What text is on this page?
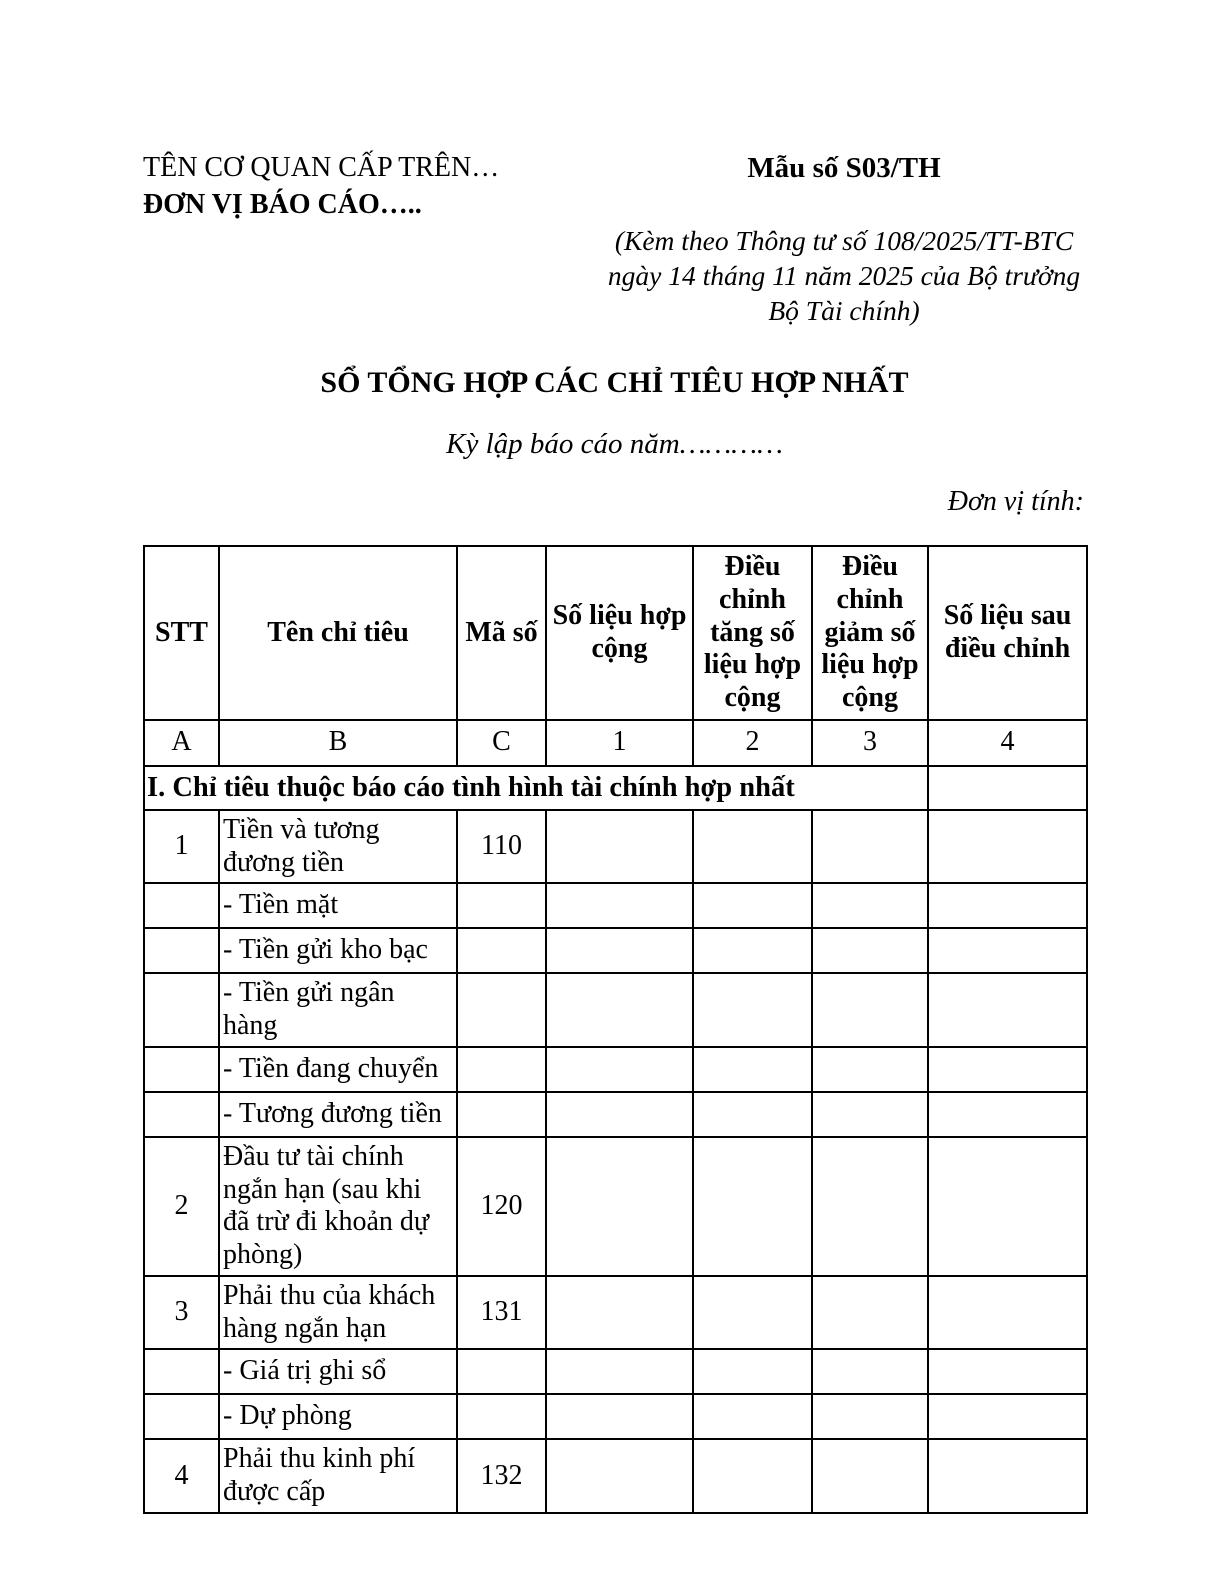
TÊN CƠ QUAN CẤP TRÊN…
ĐƠN VỊ BÁO CÁO…..
Mẫu số S03/TH
(Kèm theo Thông tư số 108/2025/TT-BTC
ngày 14 tháng 11 năm 2025 của Bộ trưởng
Bộ Tài chính)
SỔ TỔNG HỢP CÁC CHỈ TIÊU HỢP NHẤT
Kỳ lập báo cáo năm…………
Đơn vị tính:
STT	Tên chỉ tiêu	Mã số	Số liệu hợp cộng	Điều chỉnh tăng số liệu hợp cộng	Điều chỉnh giảm số liệu hợp cộng	Số liệu sau điều chỉnh
A	B	C	1	2	3	4
I. Chỉ tiêu thuộc báo cáo tình hình tài chính hợp nhất						
1	Tiền và tương đương tiền	110				
	- Tiền mặt					
	- Tiền gửi kho bạc					
	- Tiền gửi ngân hàng					
	- Tiền đang chuyển					
	- Tương đương tiền					
2	Đầu tư tài chính ngắn hạn (sau khi đã trừ đi khoản dự phòng)	120				
3	Phải thu của khách hàng ngắn hạn	131				
	- Giá trị ghi sổ					
	- Dự phòng					
4	Phải thu kinh phí được cấp	132				
